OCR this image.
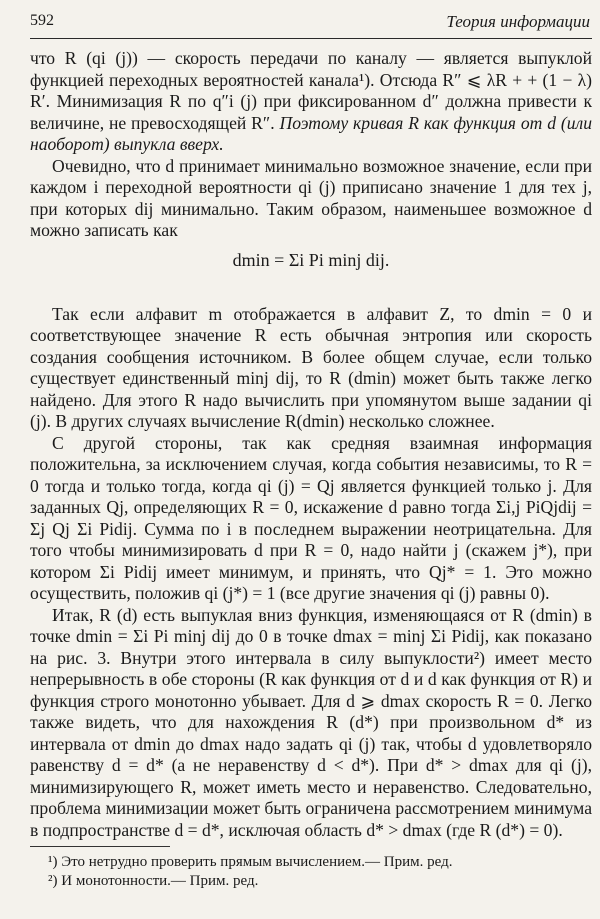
592	Теория информации

что R (qi (j)) — скорость передачи по каналу — является выпуклой функцией переходных вероятностей канала¹). Отсюда R″ ⩽ λR + + (1 − λ) R′. Минимизация R по q″i (j) при фиксированном d″ должна привести к величине, не превосходящей R″. Поэтому кривая R как функция от d (или наоборот) выпукла вверх.

Очевидно, что d принимает минимально возможное значение, если при каждом i переходной вероятности qi (j) приписано значение 1 для тех j, при которых dij минимально. Таким образом, наименьшее возможное d можно записать как

dmin = Σi Pi minj dij.

Так если алфавит m отображается в алфавит Z, то dmin = 0 и соответствующее значение R есть обычная энтропия или скорость создания сообщения источником. В более общем случае, если только существует единственный minj dij, то R (dmin) может быть также легко найдено. Для этого R надо вычислить при упомянутом выше задании qi (j). В других случаях вычисление R(dmin) несколько сложнее.

С другой стороны, так как средняя взаимная информация положительна, за исключением случая, когда события независимы, то R = 0 тогда и только тогда, когда qi (j) = Qj является функцией только j. Для заданных Qj, определяющих R = 0, искажение d равно тогда Σi,j PiQjdij = Σj Qj Σi Pidij. Сумма по i в последнем выражении неотрицательна. Для того чтобы минимизировать d при R = 0, надо найти j (скажем j*), при котором Σi Pidij имеет минимум, и принять, что Qj* = 1. Это можно осуществить, положив qi (j*) = 1 (все другие значения qi (j) равны 0).

Итак, R (d) есть выпуклая вниз функция, изменяющаяся от R (dmin) в точке dmin = Σi Pi minj dij до 0 в точке dmax = minj Σi Pidij, как показано на рис. 3. Внутри этого интервала в силу выпуклости²) имеет место непрерывность в обе стороны (R как функция от d и d как функция от R) и функция строго монотонно убывает. Для d ⩾ dmax скорость R = 0. Легко также видеть, что для нахождения R (d*) при произвольном d* из интервала от dmin до dmax надо задать qi (j) так, чтобы d удовлетворяло равенству d = d* (а не неравенству d < d*). При d* > dmax для qi (j), минимизирующего R, может иметь место и неравенство. Следовательно, проблема минимизации может быть ограничена рассмотрением минимума в подпространстве d = d*, исключая область d* > dmax (где R (d*) = 0).

¹) Это нетрудно проверить прямым вычислением.— Прим. ред.

²) И монотонности.— Прим. ред.
